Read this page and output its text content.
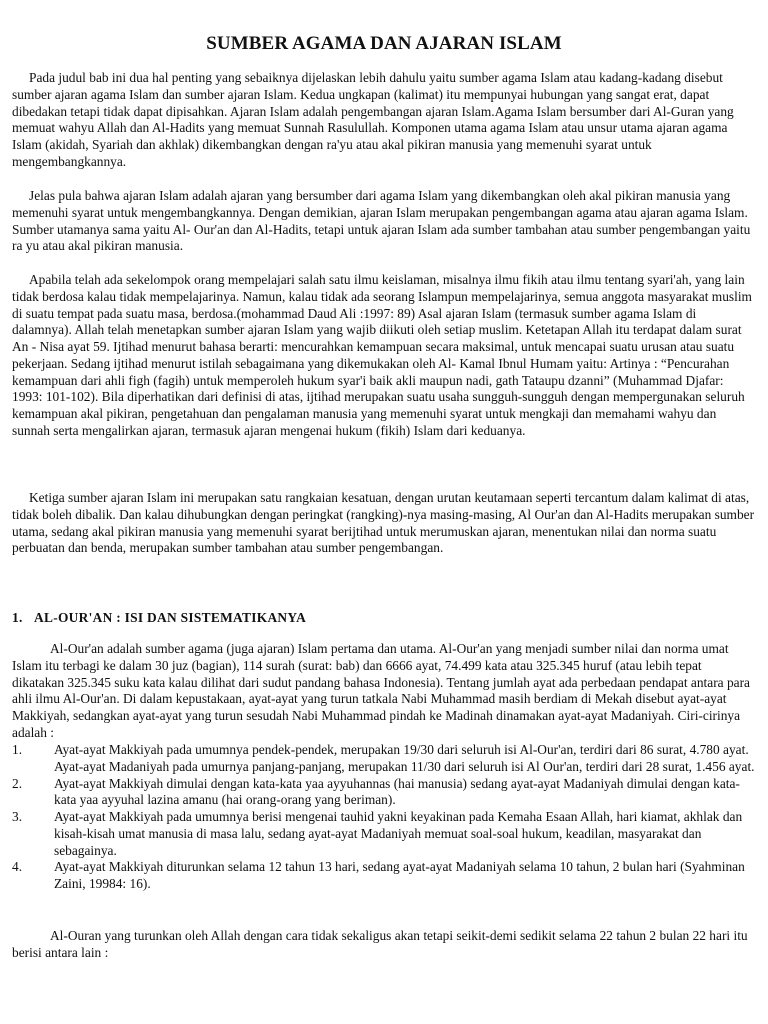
SUMBER AGAMA DAN AJARAN ISLAM

Pada judul bab ini dua hal penting yang sebaiknya dijelaskan lebih dahulu yaitu sumber agama Islam atau kadang-kadang disebut sumber ajaran agama Islam dan sumber ajaran Islam. Kedua ungkapan (kalimat) itu mempunyai hubungan yang sangat erat, dapat dibedakan tetapi tidak dapat dipisahkan. Ajaran Islam adalah pengembangan ajaran Islam.Agama Islam bersumber dari Al-Guran yang memuat wahyu Allah dan Al-Hadits yang memuat Sunnah Rasulullah. Komponen utama agama Islam atau unsur utama ajaran agama Islam (akidah, Syariah dan akhlak) dikembangkan dengan ra'yu atau akal pikiran manusia yang memenuhi syarat untuk mengembangkannya.

Jelas pula bahwa ajaran Islam adalah ajaran yang bersumber dari agama Islam yang dikembangkan oleh akal pikiran manusia yang memenuhi syarat untuk mengembangkannya. Dengan demikian, ajaran Islam merupakan pengembangan agama atau ajaran agama Islam. Sumber utamanya sama yaitu Al- Our'an dan Al-Hadits, tetapi untuk ajaran Islam ada sumber tambahan atau sumber pengembangan yaitu ra yu atau akal pikiran manusia.

Apabila telah ada sekelompok orang mempelajari salah satu ilmu keislaman, misalnya ilmu fikih atau ilmu tentang syari'ah, yang lain tidak berdosa kalau tidak mempelajarinya. Namun, kalau tidak ada seorang Islampun mempelajarinya, semua anggota masyarakat muslim di suatu tempat pada suatu masa, berdosa.(mohammad Daud Ali :1997: 89) Asal ajaran Islam (termasuk sumber agama Islam di dalamnya). Allah telah menetapkan sumber ajaran Islam yang wajib diikuti oleh setiap muslim. Ketetapan Allah itu terdapat dalam surat An - Nisa ayat 59. Ijtihad menurut bahasa berarti: mencurahkan kemampuan secara maksimal, untuk mencapai suatu urusan atau suatu pekerjaan. Sedang ijtihad menurut istilah sebagaimana yang dikemukakan oleh Al- Kamal Ibnul Humam yaitu: Artinya : “Pencurahan kemampuan dari ahli figh (fagih) untuk memperoleh hukum syar'i baik akli maupun nadi, gath Tataupu dzanni” (Muhammad Djafar: 1993: 101-102). Bila diperhatikan dari definisi di atas, ijtihad merupakan suatu usaha sungguh-sungguh dengan mempergunakan seluruh kemampuan akal pikiran, pengetahuan dan pengalaman manusia yang memenuhi syarat untuk mengkaji dan memahami wahyu dan sunnah serta mengalirkan ajaran, termasuk ajaran mengenai hukum (fikih) Islam dari keduanya.

Ketiga sumber ajaran Islam ini merupakan satu rangkaian kesatuan, dengan urutan keutamaan seperti tercantum dalam kalimat di atas, tidak boleh dibalik. Dan kalau dihubungkan dengan peringkat (rangking)-nya masing-masing, Al Our'an dan Al-Hadits merupakan sumber utama, sedang akal pikiran manusia yang memenuhi syarat berijtihad untuk merumuskan ajaran, menentukan nilai dan norma suatu perbuatan dan benda, merupakan sumber tambahan atau sumber pengembangan.

1. AL-OUR'AN : ISI DAN SISTEMATIKANYA

Al-Our'an adalah sumber agama (juga ajaran) Islam pertama dan utama. Al-Our'an yang menjadi sumber nilai dan norma umat Islam itu terbagi ke dalam 30 juz (bagian), 114 surah (surat: bab) dan 6666 ayat, 74.499 kata atau 325.345 huruf (atau lebih tepat dikatakan 325.345 suku kata kalau dilihat dari sudut pandang bahasa Indonesia). Tentang jumlah ayat ada perbedaan pendapat antara para ahli ilmu Al-Our'an. Di dalam kepustakaan, ayat-ayat yang turun tatkala Nabi Muhammad masih berdiam di Mekah disebut ayat-ayat Makkiyah, sedangkan ayat-ayat yang turun sesudah Nabi Muhammad pindah ke Madinah dinamakan ayat-ayat Madaniyah. Ciri-cirinya adalah :

1. Ayat-ayat Makkiyah pada umumnya pendek-pendek, merupakan 19/30 dari seluruh isi Al-Our'an, terdiri dari 86 surat, 4.780 ayat. Ayat-ayat Madaniyah pada umurnya panjang-panjang, merupakan 11/30 dari seluruh isi Al Our'an, terdiri dari 28 surat, 1.456 ayat.
2. Ayat-ayat Makkiyah dimulai dengan kata-kata yaa ayyuhannas (hai manusia) sedang ayat-ayat Madaniyah dimulai dengan kata-kata yaa ayyuhal lazina amanu (hai orang-orang yang beriman).
3. Ayat-ayat Makkiyah pada umumnya berisi mengenai tauhid yakni keyakinan pada Kemaha Esaan Allah, hari kiamat, akhlak dan kisah-kisah umat manusia di masa lalu, sedang ayat-ayat Madaniyah memuat soal-soal hukum, keadilan, masyarakat dan sebagainya.
4. Ayat-ayat Makkiyah diturunkan selama 12 tahun 13 hari, sedang ayat-ayat Madaniyah selama 10 tahun, 2 bulan hari (Syahminan Zaini, 19984: 16).

Al-Ouran yang turunkan oleh Allah dengan cara tidak sekaligus akan tetapi seikit-demi sedikit selama 22 tahun 2 bulan 22 hari itu berisi antara lain :
